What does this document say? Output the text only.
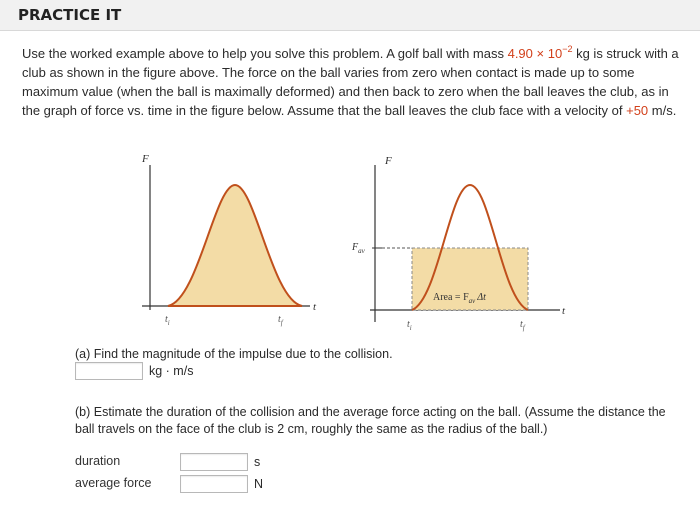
PRACTICE IT
Use the worked example above to help you solve this problem. A golf ball with mass $4.90 \times 10^{-2}$ kg is struck with a club as shown in the figure above. The force on the ball varies from zero when contact is made up to some maximum value (when the ball is maximally deformed) and then back to zero when the ball leaves the club, as in the graph of force vs. time in the figure below. Assume that the ball leaves the club face with a velocity of +50 m/s.
F
t
$t_i$	$t_f$
F
t
$F_{av}$
Area = $F_{av}$ Δt
$t_i$	$t_f$
(a) Find the magnitude of the impulse due to the collision.
kg · m/s
(b) Estimate the duration of the collision and the average force acting on the ball. (Assume the distance the ball travels on the face of the club is 2 cm, roughly the same as the radius of the ball.)
duration	s
average force	N
